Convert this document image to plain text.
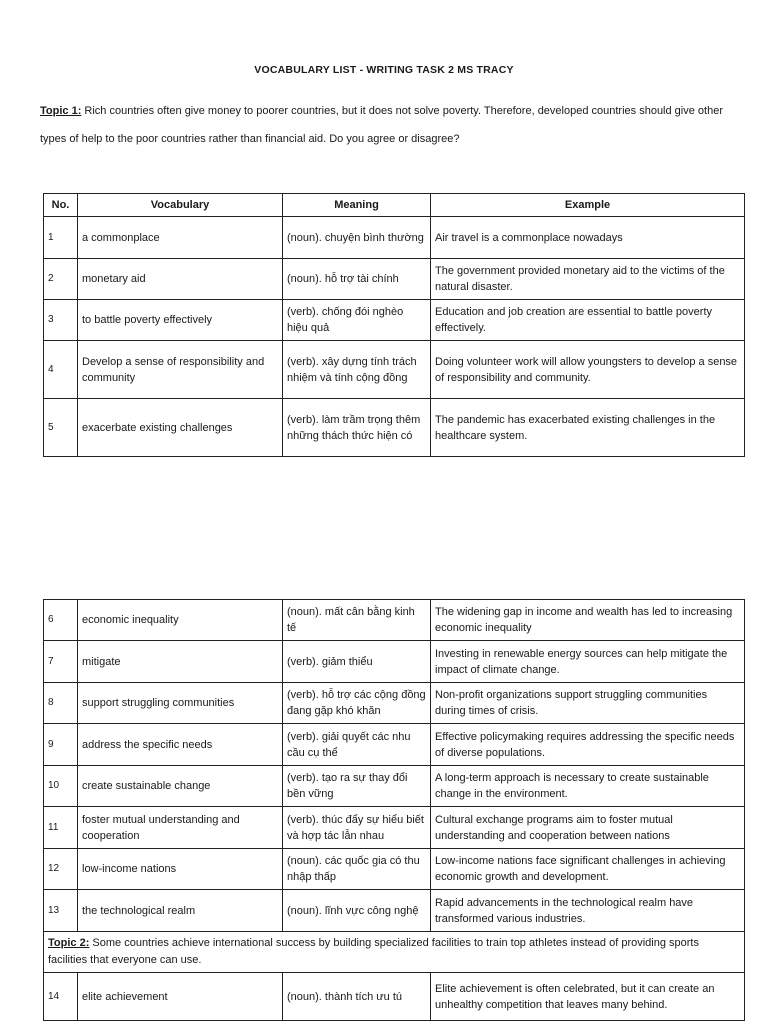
VOCABULARY LIST - WRITING TASK 2 MS TRACY
Topic 1: Rich countries often give money to poorer countries, but it does not solve poverty. Therefore, developed countries should give other types of help to the poor countries rather than financial aid. Do you agree or disagree?
No.	Vocabulary	Meaning	Example
1	a commonplace	(noun). chuyện bình thường	Air travel is a commonplace nowadays
2	monetary aid	(noun). hỗ trợ tài chính	The government provided monetary aid to the victims of the natural disaster.
3	to battle poverty effectively	(verb). chống đói nghèo hiệu quả	Education and job creation are essential to battle poverty effectively.
4	Develop a sense of responsibility and community	(verb). xây dựng tính trách nhiệm và tính cộng đồng	Doing volunteer work will allow youngsters to develop a sense of responsibility and community.
5	exacerbate existing challenges	(verb). làm trầm trọng thêm những thách thức hiện có	The pandemic has exacerbated existing challenges in the healthcare system.
6	economic inequality	(noun). mất cân bằng kinh tế	The widening gap in income and wealth has led to increasing economic inequality
7	mitigate	(verb). giảm thiểu	Investing in renewable energy sources can help mitigate the impact of climate change.
8	support struggling communities	(verb). hỗ trợ các cộng đồng đang gặp khó khăn	Non-profit organizations support struggling communities during times of crisis.
9	address the specific needs	(verb). giải quyết các nhu cầu cụ thể	Effective policymaking requires addressing the specific needs of diverse populations.
10	create sustainable change	(verb). tạo ra sự thay đổi bền vững	A long-term approach is necessary to create sustainable change in the environment.
11	foster mutual understanding and cooperation	(verb). thúc đẩy sự hiểu biết và hợp tác lẫn nhau	Cultural exchange programs aim to foster mutual understanding and cooperation between nations
12	low-income nations	(noun). các quốc gia có thu nhập thấp	Low-income nations face significant challenges in achieving economic growth and development.
13	the technological realm	(noun). lĩnh vực công nghệ	Rapid advancements in the technological realm have transformed various industries.
Topic 2: Some countries achieve international success by building specialized facilities to train top athletes instead of providing sports facilities that everyone can use.			
14	elite achievement	(noun). thành tích ưu tú	Elite achievement is often celebrated, but it can create an unhealthy competition that leaves many behind.
